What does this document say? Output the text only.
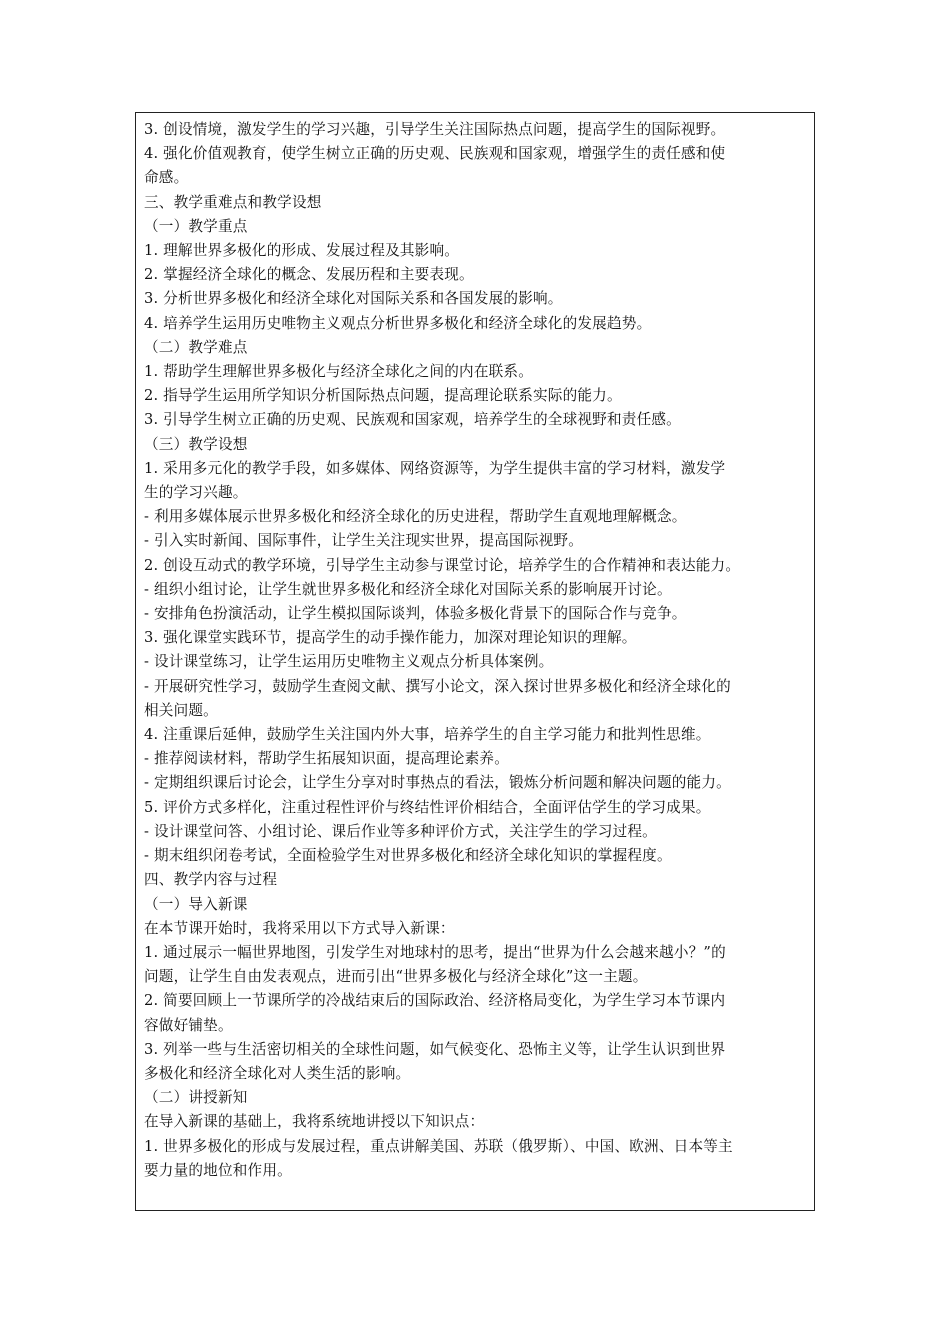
3. 创设情境，激发学生的学习兴趣，引导学生关注国际热点问题，提高学生的国际视野。

4. 强化价值观教育，使学生树立正确的历史观、民族观和国家观，增强学生的责任感和使

命感。

三、教学重难点和教学设想

（一）教学重点

1. 理解世界多极化的形成、发展过程及其影响。

2. 掌握经济全球化的概念、发展历程和主要表现。

3. 分析世界多极化和经济全球化对国际关系和各国发展的影响。

4. 培养学生运用历史唯物主义观点分析世界多极化和经济全球化的发展趋势。

（二）教学难点

1. 帮助学生理解世界多极化与经济全球化之间的内在联系。

2. 指导学生运用所学知识分析国际热点问题，提高理论联系实际的能力。

3. 引导学生树立正确的历史观、民族观和国家观，培养学生的全球视野和责任感。

（三）教学设想

1. 采用多元化的教学手段，如多媒体、网络资源等，为学生提供丰富的学习材料，激发学

生的学习兴趣。

- 利用多媒体展示世界多极化和经济全球化的历史进程，帮助学生直观地理解概念。

- 引入实时新闻、国际事件，让学生关注现实世界，提高国际视野。

2. 创设互动式的教学环境，引导学生主动参与课堂讨论，培养学生的合作精神和表达能力。

- 组织小组讨论，让学生就世界多极化和经济全球化对国际关系的影响展开讨论。

- 安排角色扮演活动，让学生模拟国际谈判，体验多极化背景下的国际合作与竞争。

3. 强化课堂实践环节，提高学生的动手操作能力，加深对理论知识的理解。

- 设计课堂练习，让学生运用历史唯物主义观点分析具体案例。

- 开展研究性学习，鼓励学生查阅文献、撰写小论文，深入探讨世界多极化和经济全球化的

相关问题。

4. 注重课后延伸，鼓励学生关注国内外大事，培养学生的自主学习能力和批判性思维。

- 推荐阅读材料，帮助学生拓展知识面，提高理论素养。

- 定期组织课后讨论会，让学生分享对时事热点的看法，锻炼分析问题和解决问题的能力。

5. 评价方式多样化，注重过程性评价与终结性评价相结合，全面评估学生的学习成果。

- 设计课堂问答、小组讨论、课后作业等多种评价方式，关注学生的学习过程。

- 期末组织闭卷考试，全面检验学生对世界多极化和经济全球化知识的掌握程度。

四、教学内容与过程

（一）导入新课

在本节课开始时，我将采用以下方式导入新课：

1. 通过展示一幅世界地图，引发学生对地球村的思考，提出“世界为什么会越来越小？”的

问题，让学生自由发表观点，进而引出“世界多极化与经济全球化”这一主题。

2. 简要回顾上一节课所学的冷战结束后的国际政治、经济格局变化，为学生学习本节课内

容做好铺垫。

3. 列举一些与生活密切相关的全球性问题，如气候变化、恐怖主义等，让学生认识到世界

多极化和经济全球化对人类生活的影响。

（二）讲授新知

在导入新课的基础上，我将系统地讲授以下知识点：

1. 世界多极化的形成与发展过程，重点讲解美国、苏联（俄罗斯）、中国、欧洲、日本等主

要力量的地位和作用。
